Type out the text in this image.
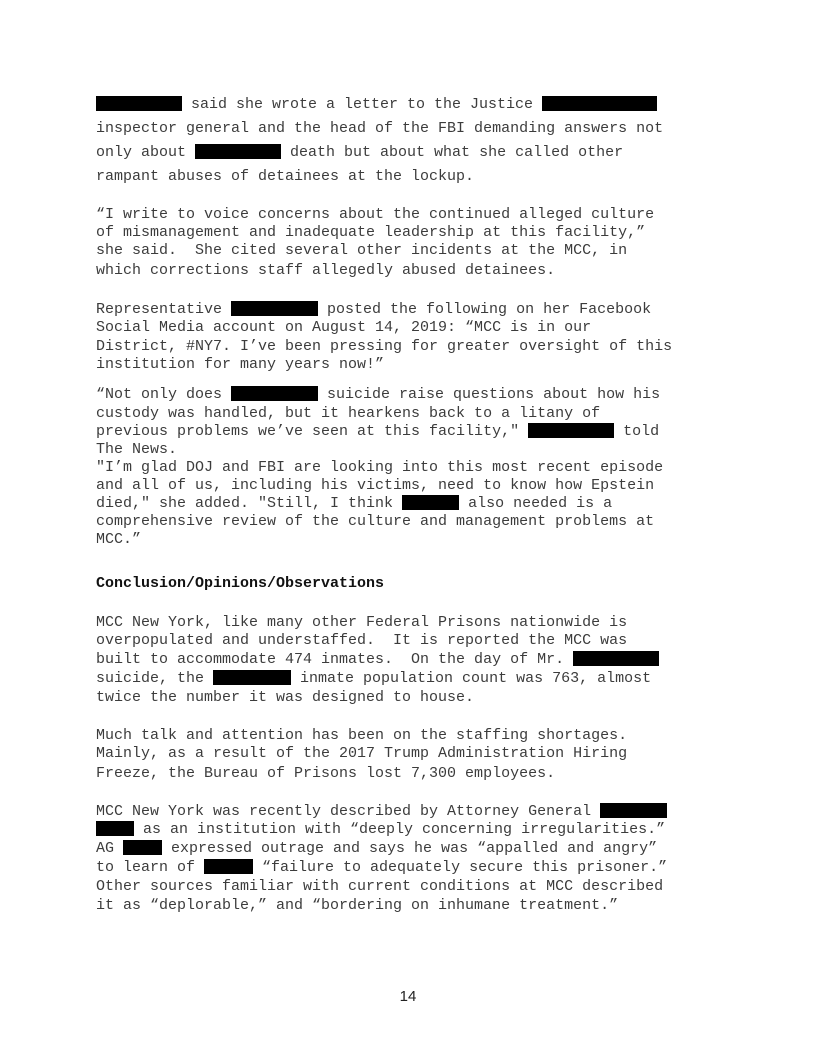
said she wrote a letter to the Justice
inspector general and the head of the FBI demanding answers not
only about	death but about what she called other
rampant abuses of detainees at the lockup.
“I write to voice concerns about the continued alleged culture
of mismanagement and inadequate leadership at this facility,”
she said.  She cited several other incidents at the MCC, in
which corrections staff allegedly abused detainees.
Representative	posted the following on her Facebook
Social Media account on August 14, 2019: “MCC is in our
District, #NY7. I’ve been pressing for greater oversight of this
institution for many years now!”
“Not only does	suicide raise questions about how his
custody was handled, but it hearkens back to a litany of
previous problems we’ve seen at this facility,"	told
The News.
"I’m glad DOJ and FBI are looking into this most recent episode
and all of us, including his victims, need to know how Epstein
died," she added. "Still, I think	also needed is a
comprehensive review of the culture and management problems at
MCC.”
Conclusion/Opinions/Observations
MCC New York, like many other Federal Prisons nationwide is
overpopulated and understaffed.  It is reported the MCC was
built to accommodate 474 inmates.  On the day of Mr.
suicide, the	inmate population count was 763, almost
twice the number it was designed to house.
Much talk and attention has been on the staffing shortages.
Mainly, as a result of the 2017 Trump Administration Hiring
Freeze, the Bureau of Prisons lost 7,300 employees.
MCC New York was recently described by Attorney General
as an institution with “deeply concerning irregularities.”
AG	expressed outrage and says he was “appalled and angry”
to learn of	“failure to adequately secure this prisoner.”
Other sources familiar with current conditions at MCC described
it as “deplorable,” and “bordering on inhumane treatment.”
14
